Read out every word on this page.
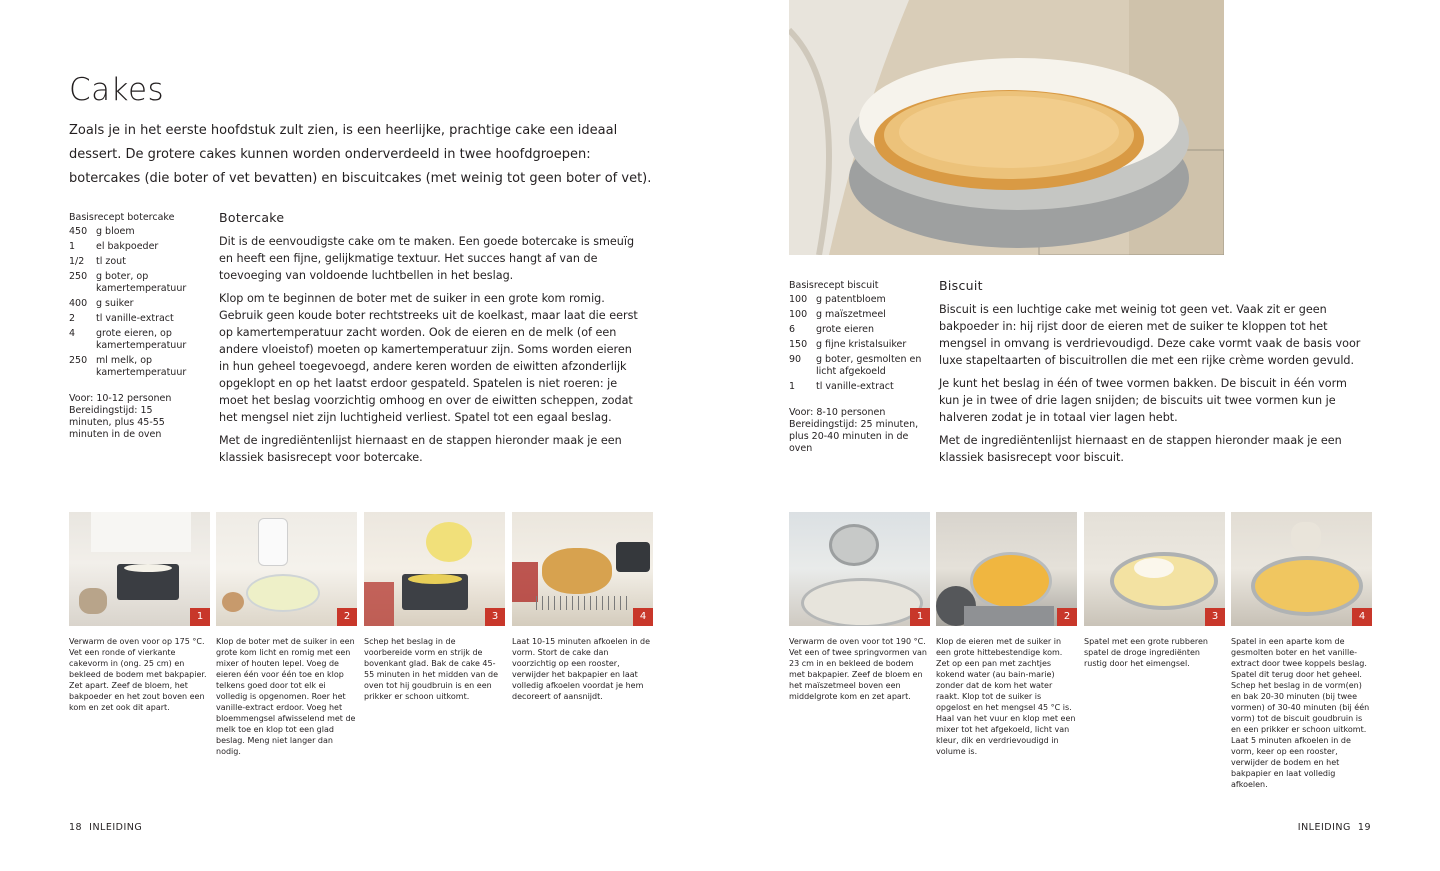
Cakes

Zoals je in het eerste hoofdstuk zult zien, is een heerlijke, prachtige cake een ideaal dessert. De grotere cakes kunnen worden onderverdeeld in twee hoofdgroepen: botercakes (die boter of vet bevatten) en biscuitcakes (met weinig tot geen boter of vet).

Basisrecept botercake
450 g bloem
1	el bakpoeder
1/2	tl zout
250 g boter, op kamertemperatuur
400 g suiker
2	tl vanille-extract
4	grote eieren, op kamertemperatuur
250 ml melk, op kamertemperatuur
Voor: 10-12 personen
Bereidingstijd: 15 minuten, plus 45-55 minuten in de oven
Botercake

Dit is de eenvoudigste cake om te maken. Een goede botercake is smeuïg en heeft een fijne, gelijkmatige textuur. Het succes hangt af van de toevoeging van voldoende luchtbellen in het beslag.

Klop om te beginnen de boter met de suiker in een grote kom romig. Gebruik geen koude boter rechtstreeks uit de koelkast, maar laat die eerst op kamertemperatuur zacht worden. Ook de eieren en de melk (of een andere vloeistof) moeten op kamertemperatuur zijn. Soms worden eieren in hun geheel toegevoegd, andere keren worden de eiwitten afzonderlijk opgeklopt en op het laatst erdoor gespateld. Spatelen is niet roeren: je moet het beslag voorzichtig omhoog en over de eiwitten scheppen, zodat het mengsel niet zijn luchtigheid verliest. Spatel tot een egaal beslag.

Met de ingrediëntenlijst hiernaast en de stappen hieronder maak je een klassiek basisrecept voor botercake.

1
Verwarm de oven voor op 175 °C. Vet een ronde of vierkante cakevorm in (ong. 25 cm) en bekleed de bodem met bakpapier. Zet apart. Zeef de bloem, het bakpoeder en het zout boven een kom en zet ook dit apart.
2
Klop de boter met de suiker in een grote kom licht en romig met een mixer of houten lepel. Voeg de eieren één voor één toe en klop telkens goed door tot elk ei volledig is opgenomen. Roer het vanille-extract erdoor. Voeg het bloemmengsel afwisselend met de melk toe en klop tot een glad beslag. Meng niet langer dan nodig.
3
Schep het beslag in de voorbereide vorm en strijk de bovenkant glad. Bak de cake 45-55 minuten in het midden van de oven tot hij goudbruin is en een prikker er schoon uitkomt.
4
Laat 10-15 minuten afkoelen in de vorm. Stort de cake dan voorzichtig op een rooster, verwijder het bakpapier en laat volledig afkoelen voordat je hem decoreert of aansnijdt.
18 INLEIDING
Basisrecept biscuit
100 g patentbloem
100 g maïszetmeel
6	grote eieren
150 g fijne kristalsuiker
90	g boter, gesmolten en licht afgekoeld
1	tl vanille-extract
Voor: 8-10 personen
Bereidingstijd: 25 minuten, plus 20-40 minuten in de oven
Biscuit

Biscuit is een luchtige cake met weinig tot geen vet. Vaak zit er geen bakpoeder in: hij rijst door de eieren met de suiker te kloppen tot het mengsel in omvang is verdrievoudigd. Deze cake vormt vaak de basis voor luxe stapeltaarten of biscuitrollen die met een rijke crème worden gevuld.

Je kunt het beslag in één of twee vormen bakken. De biscuit in één vorm kun je in twee of drie lagen snijden; de biscuits uit twee vormen kun je halveren zodat je in totaal vier lagen hebt.

Met de ingrediëntenlijst hiernaast en de stappen hieronder maak je een klassiek basisrecept voor biscuit.

1
Verwarm de oven voor tot 190 °C. Vet een of twee springvormen van 23 cm in en bekleed de bodem met bakpapier. Zeef de bloem en het maïszetmeel boven een middelgrote kom en zet apart.
2
Klop de eieren met de suiker in een grote hittebestendige kom. Zet op een pan met zachtjes kokend water (au bain-marie) zonder dat de kom het water raakt. Klop tot de suiker is opgelost en het mengsel 45 °C is. Haal van het vuur en klop met een mixer tot het afgekoeld, licht van kleur, dik en verdrievoudigd in volume is.
3
Spatel met een grote rubberen spatel de droge ingrediënten rustig door het eimengsel.
4
Spatel in een aparte kom de gesmolten boter en het vanille-extract door twee koppels beslag. Spatel dit terug door het geheel. Schep het beslag in de vorm(en) en bak 20-30 minuten (bij twee vormen) of 30-40 minuten (bij één vorm) tot de biscuit goudbruin is en een prikker er schoon uitkomt. Laat 5 minuten afkoelen in de vorm, keer op een rooster, verwijder de bodem en het bakpapier en laat volledig afkoelen.
INLEIDING 19
